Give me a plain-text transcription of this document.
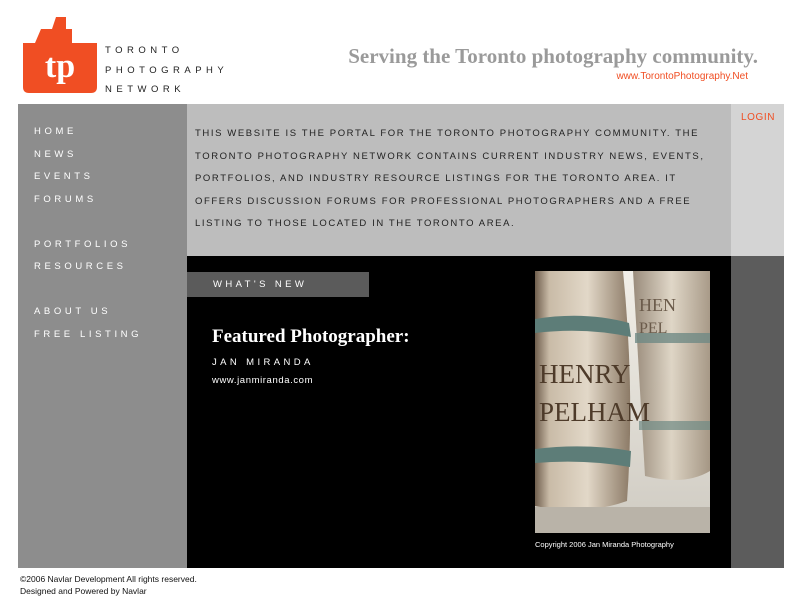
tp	TORONTO
PHOTOGRAPHY
NETWORK
Serving the Toronto photography community.
www.TorontoPhotography.Net
HOME
NEWS
EVENTS
FORUMS
PORTFOLIOS
RESOURCES
ABOUT US
FREE LISTING
THIS WEBSITE IS THE PORTAL FOR THE TORONTO PHOTOGRAPHY COMMUNITY. THE TORONTO PHOTOGRAPHY NETWORK CONTAINS CURRENT INDUSTRY NEWS, EVENTS, PORTFOLIOS, AND INDUSTRY RESOURCE LISTINGS FOR THE TORONTO AREA. IT OFFERS DISCUSSION FORUMS FOR PROFESSIONAL PHOTOGRAPHERS AND A FREE LISTING TO THOSE LOCATED IN THE TORONTO AREA.
LOGIN
WHAT'S NEW
Featured Photographer:
JAN MIRANDA
www.janmiranda.com
HEN
PEL
HENRY
PELHAM
Copyright 2006 Jan Miranda Photography
©2006 Navlar Development All rights reserved.
Designed and Powered by Navlar
